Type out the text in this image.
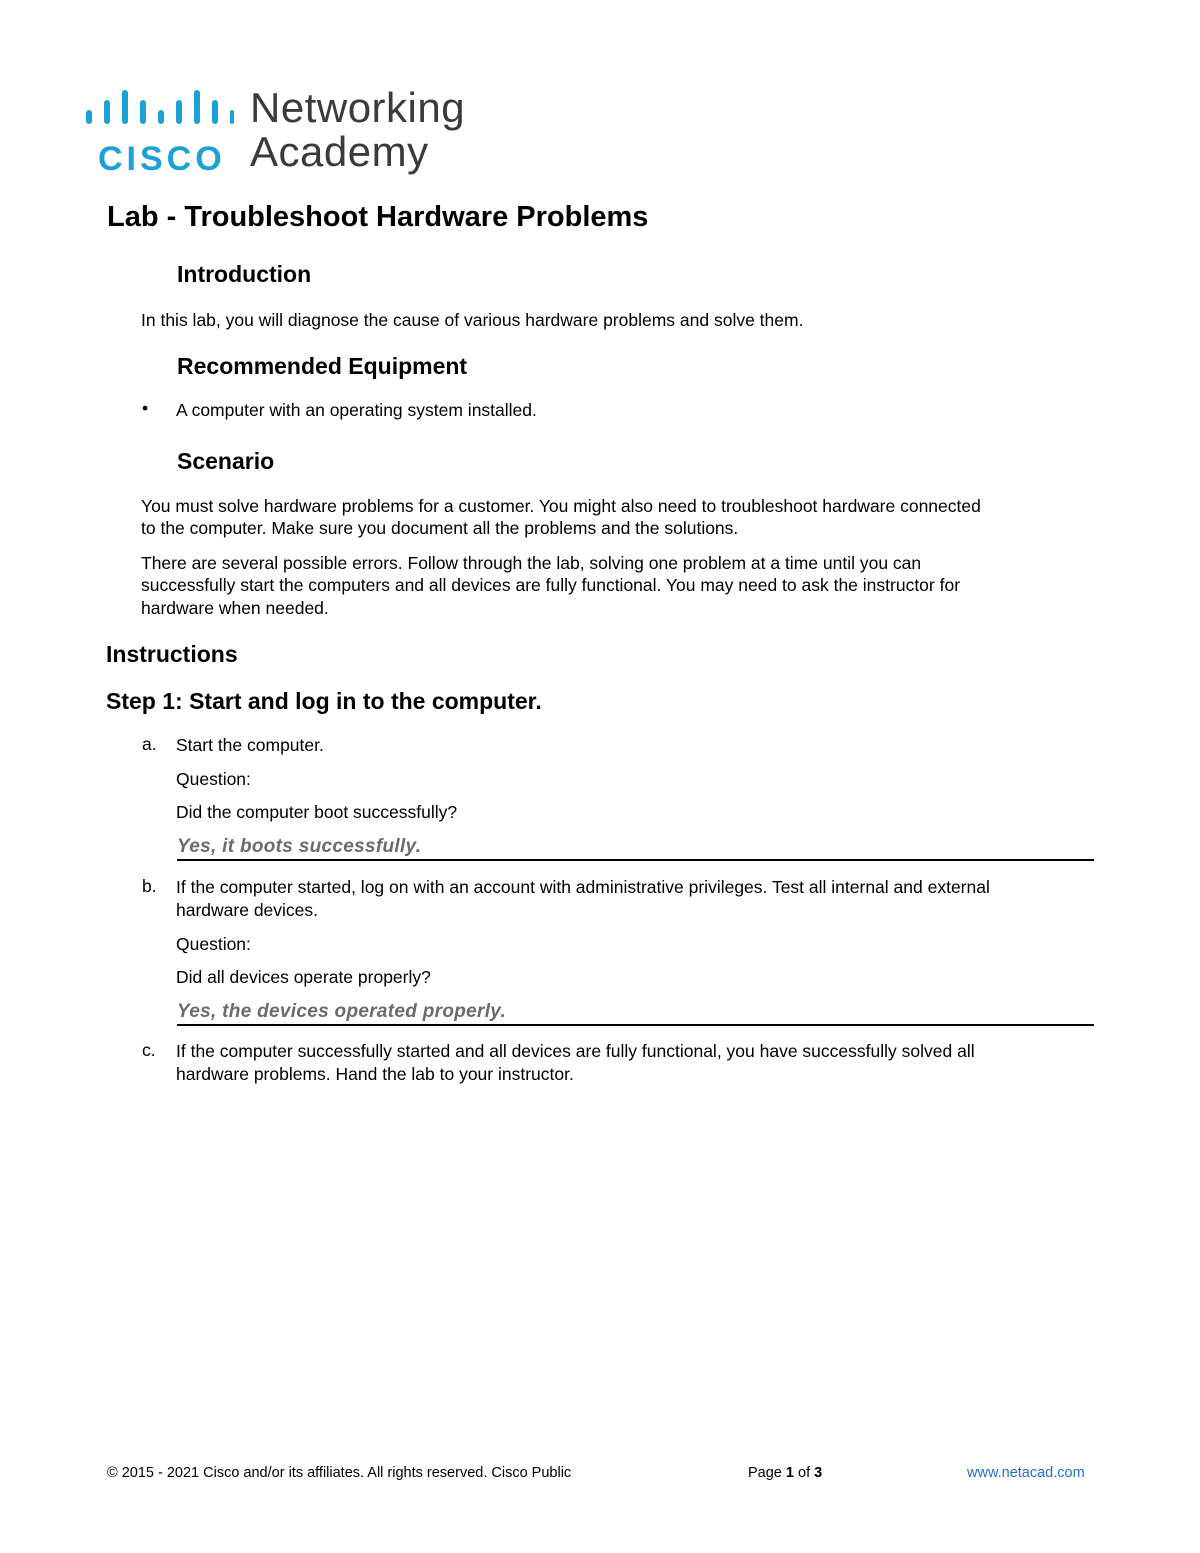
CISCO
Networking
Academy
Lab - Troubleshoot Hardware Problems
Introduction
In this lab, you will diagnose the cause of various hardware problems and solve them.
Recommended Equipment
• A computer with an operating system installed.
Scenario
You must solve hardware problems for a customer. You might also need to troubleshoot hardware connected
to the computer. Make sure you document all the problems and the solutions.
There are several possible errors. Follow through the lab, solving one problem at a time until you can
successfully start the computers and all devices are fully functional. You may need to ask the instructor for
hardware when needed.
Instructions
Step 1: Start and log in to the computer.
a. Start the computer.
Question:
Did the computer boot successfully?
Yes, it boots successfully.
b. If the computer started, log on with an account with administrative privileges. Test all internal and external
hardware devices.
Question:
Did all devices operate properly?
Yes, the devices operated properly.
c. If the computer successfully started and all devices are fully functional, you have successfully solved all
hardware problems. Hand the lab to your instructor.
© 2015 - 2021 Cisco and/or its affiliates. All rights reserved. Cisco Public	Page 1 of 3	www.netacad.com
